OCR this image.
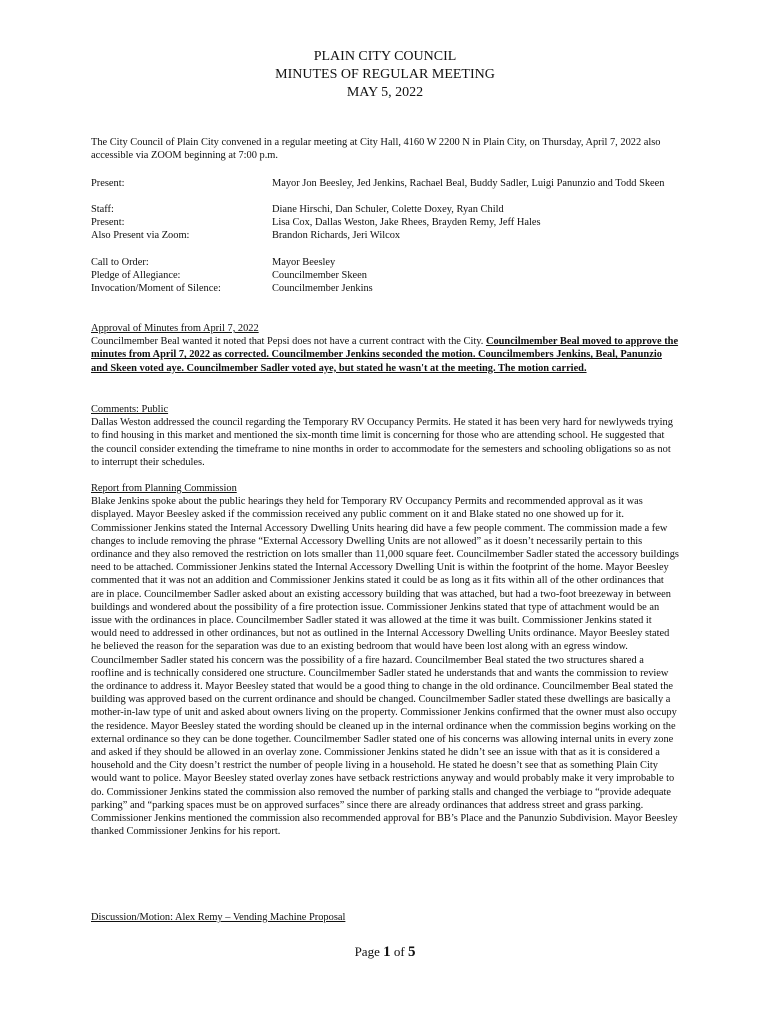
PLAIN CITY COUNCIL
MINUTES OF REGULAR MEETING
MAY 5, 2022
The City Council of Plain City convened in a regular meeting at City Hall, 4160 W 2200 N in Plain City, on Thursday, April 7, 2022 also accessible via ZOOM beginning at 7:00 p.m.
Present:	Mayor Jon Beesley, Jed Jenkins, Rachael Beal, Buddy Sadler, Luigi Panunzio and Todd Skeen
Staff:	Diane Hirschi, Dan Schuler, Colette Doxey, Ryan Child
Present:	Lisa Cox, Dallas Weston, Jake Rhees, Brayden Remy, Jeff Hales
Also Present via Zoom:	Brandon Richards, Jeri Wilcox
Call to Order:	Mayor Beesley
Pledge of Allegiance:	Councilmember Skeen
Invocation/Moment of Silence:	Councilmember Jenkins
Approval of Minutes from April 7, 2022
Councilmember Beal wanted it noted that Pepsi does not have a current contract with the City. Councilmember Beal moved to approve the minutes from April 7, 2022 as corrected. Councilmember Jenkins seconded the motion. Councilmembers Jenkins, Beal, Panunzio and Skeen voted aye. Councilmember Sadler voted aye, but stated he wasn't at the meeting. The motion carried.
Comments: Public
Dallas Weston addressed the council regarding the Temporary RV Occupancy Permits. He stated it has been very hard for newlyweds trying to find housing in this market and mentioned the six-month time limit is concerning for those who are attending school. He suggested that the council consider extending the timeframe to nine months in order to accommodate for the semesters and schooling obligations so as not to interrupt their schedules.
Report from Planning Commission
Blake Jenkins spoke about the public hearings they held for Temporary RV Occupancy Permits and recommended approval as it was displayed. Mayor Beesley asked if the commission received any public comment on it and Blake stated no one showed up for it. Commissioner Jenkins stated the Internal Accessory Dwelling Units hearing did have a few people comment. The commission made a few changes to include removing the phrase “External Accessory Dwelling Units are not allowed” as it doesn’t necessarily pertain to this ordinance and they also removed the restriction on lots smaller than 11,000 square feet. Councilmember Sadler stated the accessory buildings need to be attached. Commissioner Jenkins stated the Internal Accessory Dwelling Unit is within the footprint of the home. Mayor Beesley commented that it was not an addition and Commissioner Jenkins stated it could be as long as it fits within all of the other ordinances that are in place. Councilmember Sadler asked about an existing accessory building that was attached, but had a two-foot breezeway in between buildings and wondered about the possibility of a fire protection issue. Commissioner Jenkins stated that type of attachment would be an issue with the ordinances in place. Councilmember Sadler stated it was allowed at the time it was built. Commissioner Jenkins stated it would need to addressed in other ordinances, but not as outlined in the Internal Accessory Dwelling Units ordinance. Mayor Beesley stated he believed the reason for the separation was due to an existing bedroom that would have been lost along with an egress window. Councilmember Sadler stated his concern was the possibility of a fire hazard. Councilmember Beal stated the two structures shared a roofline and is technically considered one structure. Councilmember Sadler stated he understands that and wants the commission to review the ordinance to address it. Mayor Beesley stated that would be a good thing to change in the old ordinance. Councilmember Beal stated the building was approved based on the current ordinance and should be changed. Councilmember Sadler stated these dwellings are basically a mother-in-law type of unit and asked about owners living on the property. Commissioner Jenkins confirmed that the owner must also occupy the residence. Mayor Beesley stated the wording should be cleaned up in the internal ordinance when the commission begins working on the external ordinance so they can be done together. Councilmember Sadler stated one of his concerns was allowing internal units in every zone and asked if they should be allowed in an overlay zone. Commissioner Jenkins stated he didn’t see an issue with that as it is considered a household and the City doesn’t restrict the number of people living in a household. He stated he doesn’t see that as something Plain City would want to police. Mayor Beesley stated overlay zones have setback restrictions anyway and would probably make it very improbable to do. Commissioner Jenkins stated the commission also removed the number of parking stalls and changed the verbiage to “provide adequate parking” and “parking spaces must be on approved surfaces” since there are already ordinances that address street and grass parking. Commissioner Jenkins mentioned the commission also recommended approval for BB’s Place and the Panunzio Subdivision. Mayor Beesley thanked Commissioner Jenkins for his report.
Discussion/Motion: Alex Remy – Vending Machine Proposal
Page 1 of 5
